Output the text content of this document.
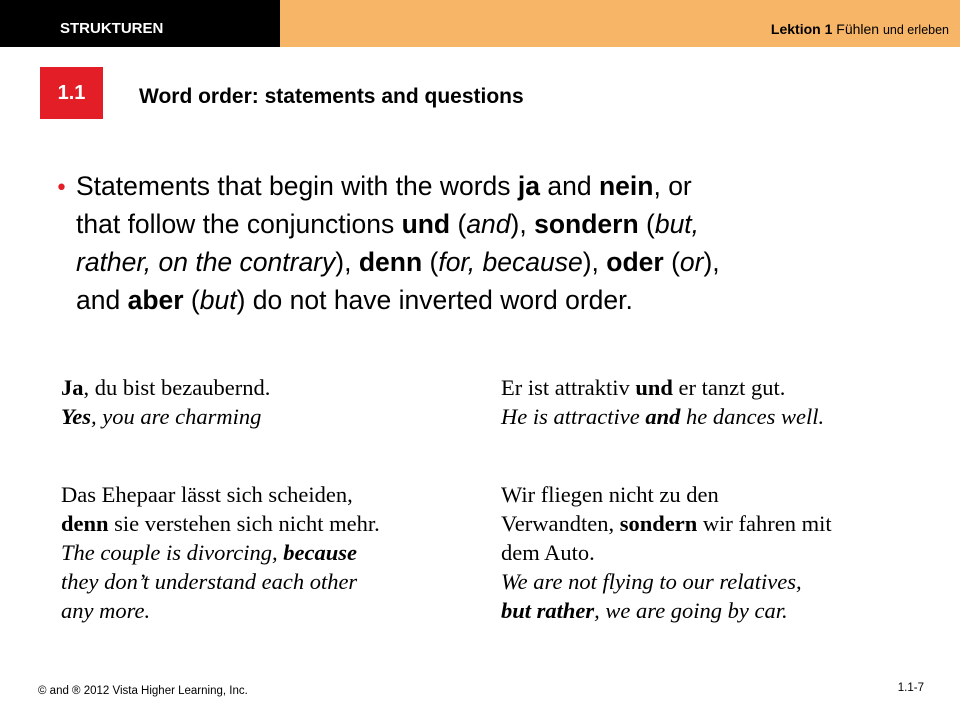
STRUKTUREN	Lektion 1 Fühlen und erleben
1.1	Word order: statements and questions
• Statements that begin with the words ja and nein, or
that follow the conjunctions und (and), sondern (but,
rather, on the contrary), denn (for, because), oder (or),
and aber (but) do not have inverted word order.
Ja, du bist bezaubernd.
Yes, you are charming
Er ist attraktiv und er tanzt gut.
He is attractive and he dances well.
Das Ehepaar lässt sich scheiden,
denn sie verstehen sich nicht mehr.
The couple is divorcing, because
they don’t understand each other
any more.
Wir fliegen nicht zu den
Verwandten, sondern wir fahren mit
dem Auto.
We are not flying to our relatives,
but rather, we are going by car.
© and ® 2012 Vista Higher Learning, Inc.	1.1-7
